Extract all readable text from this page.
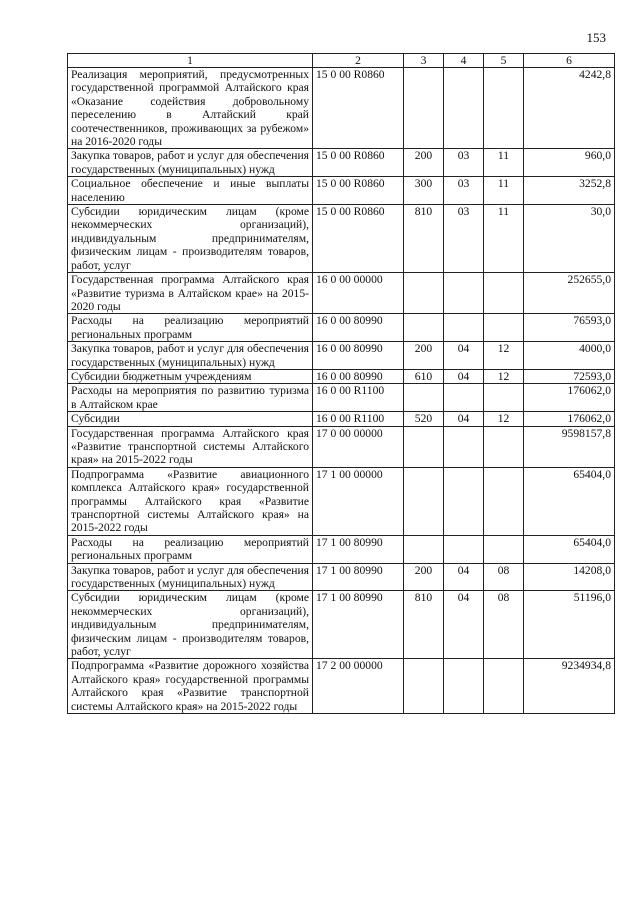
153
1	2	3	4	5	6
Реализация мероприятий, предусмотренных государственной программой Алтайского края «Оказание содействия добровольному переселению в Алтайский край соотечественников, проживающих за рубежом» на 2016-2020 годы	15 0 00 R0860				4242,8
Закупка товаров, работ и услуг для обеспечения государственных (муниципальных) нужд	15 0 00 R0860	200	03	11	960,0
Социальное обеспечение и иные выплаты населению	15 0 00 R0860	300	03	11	3252,8
Субсидии юридическим лицам (кроме некоммерческих организаций), индивидуальным предпринимателям, физическим лицам - производителям товаров, работ, услуг	15 0 00 R0860	810	03	11	30,0
Государственная программа Алтайского края «Развитие туризма в Алтайском крае» на 2015-2020 годы	16 0 00 00000				252655,0
Расходы на реализацию мероприятий региональных программ	16 0 00 80990				76593,0
Закупка товаров, работ и услуг для обеспечения государственных (муниципальных) нужд	16 0 00 80990	200	04	12	4000,0
Субсидии бюджетным учреждениям	16 0 00 80990	610	04	12	72593,0
Расходы на мероприятия по развитию туризма в Алтайском крае	16 0 00 R1100				176062,0
Субсидии	16 0 00 R1100	520	04	12	176062,0
Государственная программа Алтайского края «Развитие транспортной системы Алтайского края» на 2015-2022 годы	17 0 00 00000				9598157,8
Подпрограмма «Развитие авиационного комплекса Алтайского края» государственной программы Алтайского края «Развитие транспортной системы Алтайского края» на 2015-2022 годы	17 1 00 00000				65404,0
Расходы на реализацию мероприятий региональных программ	17 1 00 80990				65404,0
Закупка товаров, работ и услуг для обеспечения государственных (муниципальных) нужд	17 1 00 80990	200	04	08	14208,0
Субсидии юридическим лицам (кроме некоммерческих организаций), индивидуальным предпринимателям, физическим лицам - производителям товаров, работ, услуг	17 1 00 80990	810	04	08	51196,0
Подпрограмма «Развитие дорожного хозяйства Алтайского края» государственной программы Алтайского края «Развитие транспортной системы Алтайского края» на 2015-2022 годы	17 2 00 00000				9234934,8
